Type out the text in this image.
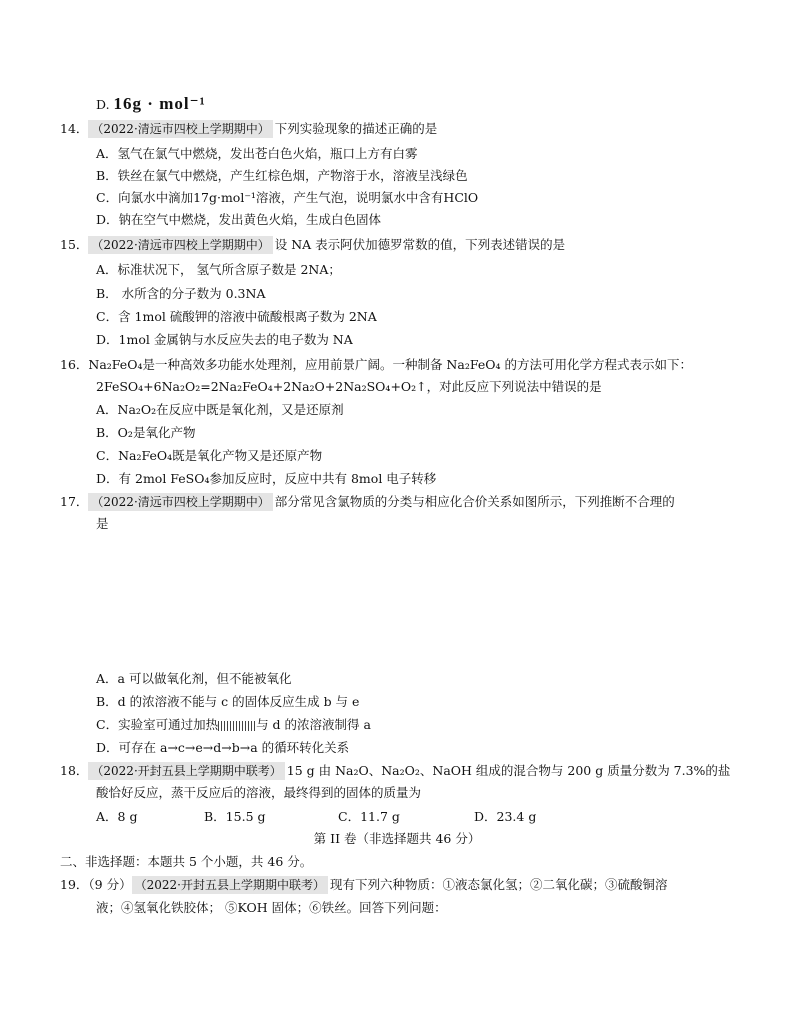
D. 16g · mol⁻¹
14． （2022·清远市四校上学期期中） 下列实验现象的描述正确的是
A．氢气在氯气中燃烧，发出苍白色火焰，瓶口上方有白雾
B．铁丝在氯气中燃烧，产生红棕色烟，产物溶于水，溶液呈浅绿色
C．向氯水中滴加17g·mol⁻¹溶液，产生气泡，说明氯水中含有HClO
D．钠在空气中燃烧，发出黄色火焰，生成白色固体
15． （2022·清远市四校上学期期中） 设 NA 表示阿伏加德罗常数的值，下列表述错误的是
A．标准状况下， 氢气所含原子数是 2NA；
B． 水所含的分子数为 0.3NA
C．含 1mol 硫酸钾的溶液中硫酸根离子数为 2NA
D．1mol 金属钠与水反应失去的电子数为 NA
16．Na₂FeO₄是一种高效多功能水处理剂，应用前景广阔。一种制备 Na₂FeO₄ 的方法可用化学方程式表示如下：
2FeSO₄+6Na₂O₂=2Na₂FeO₄+2Na₂O+2Na₂SO₄+O₂↑，对此反应下列说法中错误的是
A．Na₂O₂在反应中既是氧化剂，又是还原剂
B．O₂是氧化产物
C．Na₂FeO₄既是氧化产物又是还原产物
D．有 2mol FeSO₄参加反应时，反应中共有 8mol 电子转移
17． （2022·清远市四校上学期期中） 部分常见含氯物质的分类与相应化合价关系如图所示，下列推断不合理的
是
A．a 可以做氧化剂，但不能被氧化
B．d 的浓溶液不能与 c 的固体反应生成 b 与 e
C．实验室可通过加热	与 d 的浓溶液制得 a
D．可存在 a→c→e→d→b→a 的循环转化关系
18． （2022·开封五县上学期期中联考） 15 g 由 Na₂O、Na₂O₂、NaOH 组成的混合物与 200 g 质量分数为 7.3%的盐
酸恰好反应，蒸干反应后的溶液，最终得到的固体的质量为
A．8 g	B．15.5 g	C．11.7 g	D．23.4 g
第 II 卷（非选择题共 46 分）
二、非选择题：本题共 5 个小题，共 46 分。
19．（9 分） （2022·开封五县上学期期中联考） 现有下列六种物质：①液态氯化氢；②二氧化碳；③硫酸铜溶
液；④氢氧化铁胶体； ⑤KOH 固体；⑥铁丝。回答下列问题：
